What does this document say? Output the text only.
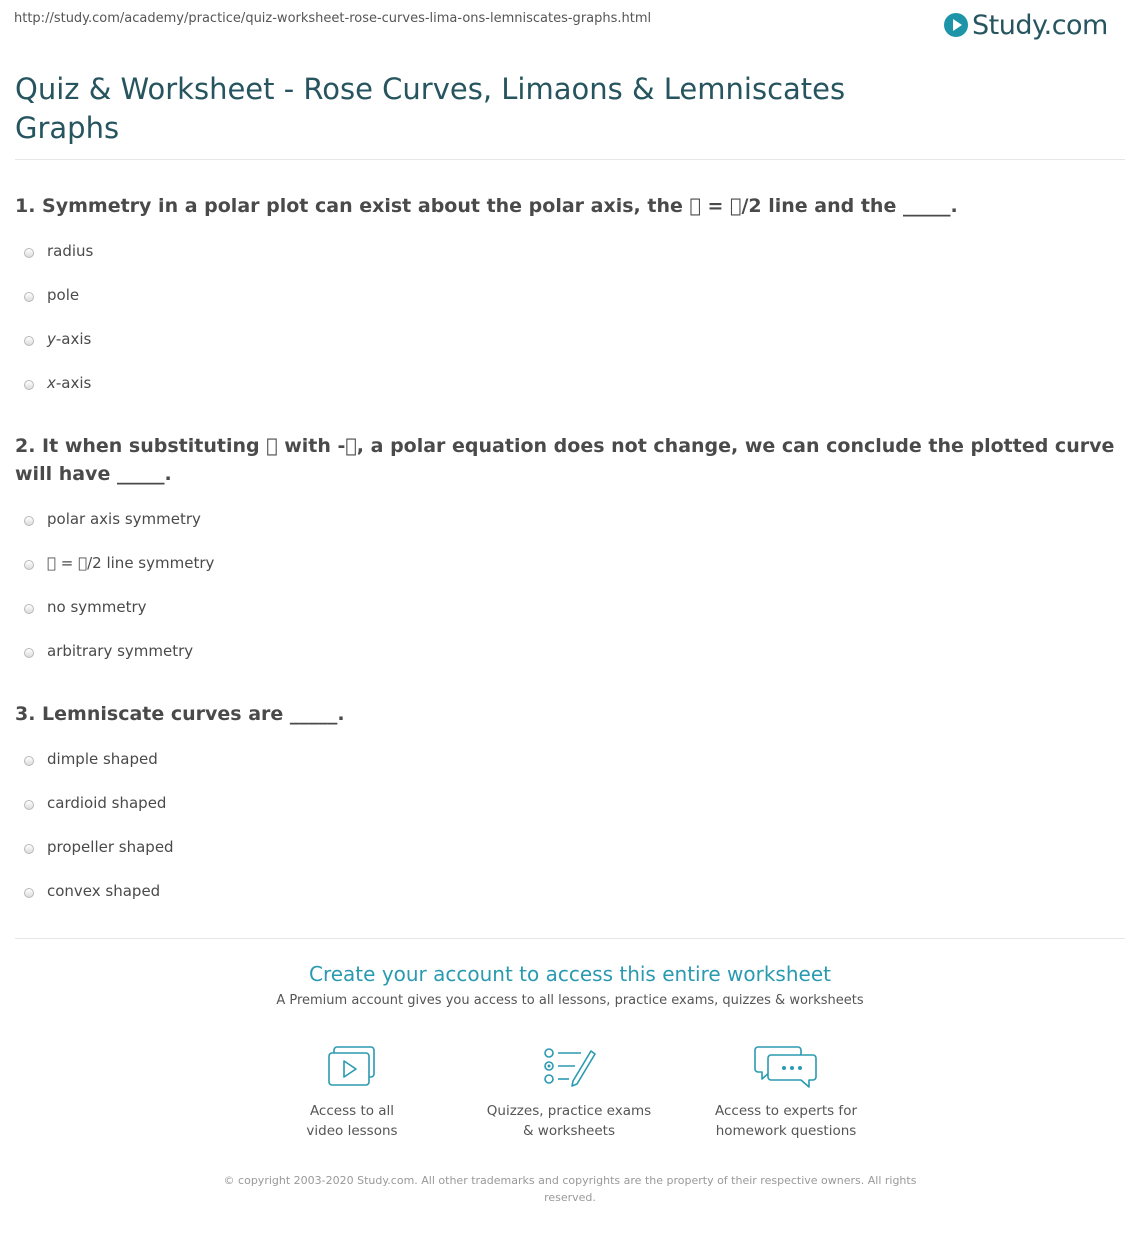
http://study.com/academy/practice/quiz-worksheet-rose-curves-lima-ons-lemniscates-graphs.html	Study.com
Quiz & Worksheet - Rose Curves, Limaons & Lemniscates Graphs
1. Symmetry in a polar plot can exist about the polar axis, the   =  /2 line and the _____.
radius
pole
y-axis
x-axis
2. It when substituting   with - , a polar equation does not change, we can conclude the plotted curve will have _____.
polar axis symmetry
  =  /2 line symmetry
no symmetry
arbitrary symmetry
3. Lemniscate curves are _____.
dimple shaped
cardioid shaped
propeller shaped
convex shaped
Create your account to access this entire worksheet
A Premium account gives you access to all lessons, practice exams, quizzes & worksheets
Access to all
video lessons
Quizzes, practice exams
& worksheets
Access to experts for
homework questions
© copyright 2003-2020 Study.com. All other trademarks and copyrights are the property of their respective owners. All rights reserved.
